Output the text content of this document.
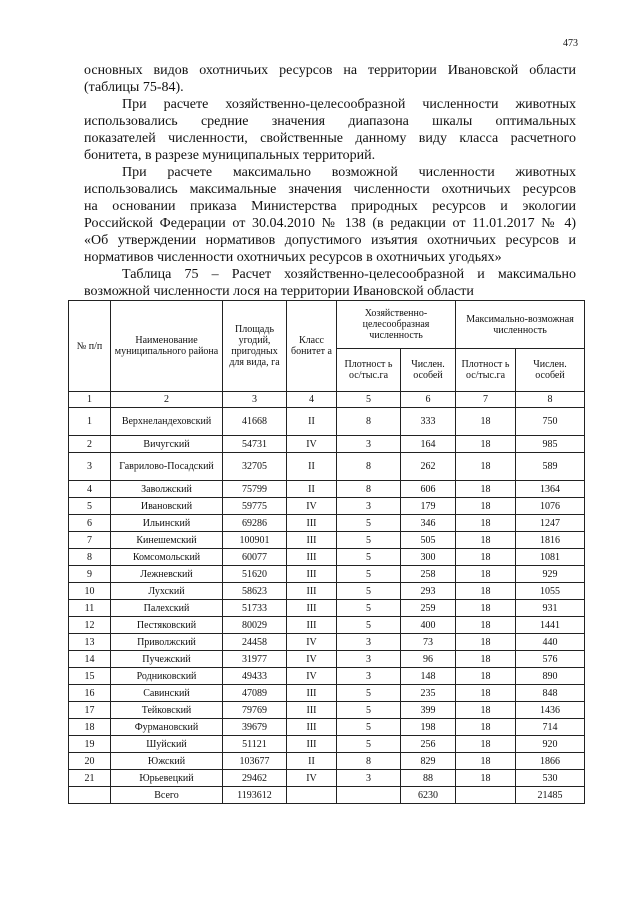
473

основных видов охотничьих ресурсов на территории Ивановской области
(таблицы 75-84).

При расчете хозяйственно-целесообразной численности животных
использовались средние значения диапазона шкалы оптимальных
показателей численности, свойственные данному виду класса расчетного
бонитета, в разрезе муниципальных территорий.

При расчете максимально возможной численности животных
использовались максимальные значения численности охотничьих ресурсов
на основании приказа Министерства природных ресурсов и экологии
Российской Федерации от 30.04.2010 № 138 (в редакции от 11.01.2017 № 4)
«Об утверждении нормативов допустимого изъятия охотничьих ресурсов и
нормативов численности охотничьих ресурсов в охотничьих угодьях»

Таблица 75 – Расчет хозяйственно-целесообразной и максимально
возможной численности лося на территории Ивановской области

№ п/п	Наименование муниципального района	Площадь угодий, пригодных для вида, га	Класс бонитет а	Хозяйственно-целесообразная численность		Максимально-возможная численность	
				Плотност ь ос/тыс.га	Числен. особей	Плотност ь ос/тыс.га	Числен. особей
1	2	3	4	5	6	7	8
1	Верхнеландеховский	41668	II	8	333	18	750
2	Вичугский	54731	IV	3	164	18	985
3	Гаврилово-Посадский	32705	II	8	262	18	589
4	Заволжский	75799	II	8	606	18	1364
5	Ивановский	59775	IV	3	179	18	1076
6	Ильинский	69286	III	5	346	18	1247
7	Кинешемский	100901	III	5	505	18	1816
8	Комсомольский	60077	III	5	300	18	1081
9	Лежневский	51620	III	5	258	18	929
10	Лухский	58623	III	5	293	18	1055
11	Палехский	51733	III	5	259	18	931
12	Пестяковский	80029	III	5	400	18	1441
13	Приволжский	24458	IV	3	73	18	440
14	Пучежский	31977	IV	3	96	18	576
15	Родниковский	49433	IV	3	148	18	890
16	Савинский	47089	III	5	235	18	848
17	Тейковский	79769	III	5	399	18	1436
18	Фурмановский	39679	III	5	198	18	714
19	Шуйский	51121	III	5	256	18	920
20	Южский	103677	II	8	829	18	1866
21	Юрьевецкий	29462	IV	3	88	18	530
	Всего	1193612			6230		21485
